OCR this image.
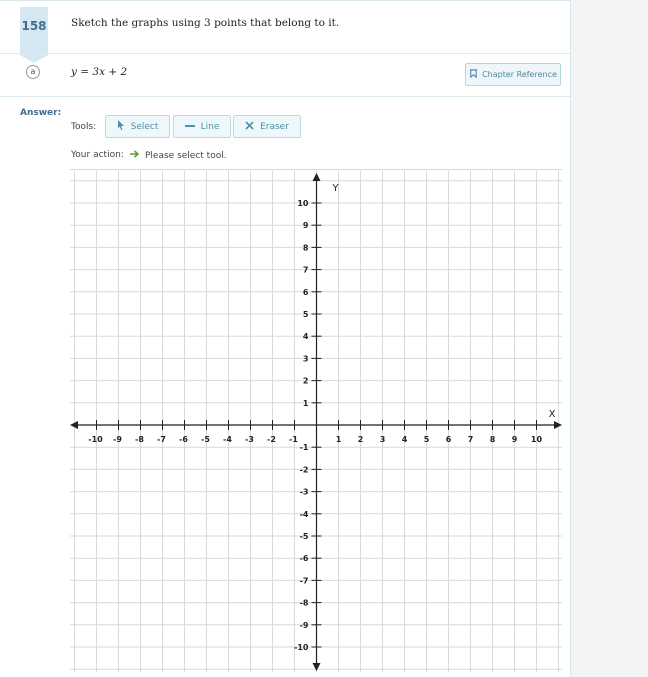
158 Sketch the graphs using 3 points that belong to it.
a	y = 3x + 2	Chapter Reference
Answer:
Tools:	Select	Line	Eraser
Your action: Please select tool.
-10 -9 -8 -7 -6 -5 -4 -3 -2 -1	1 2 3 4 5 6 7 8 9 10
10
9
8
7
6
5
4
3
2
1
-1
-2
-3
-4
-5
-6
-7
-8
-9
-10
X
Y
